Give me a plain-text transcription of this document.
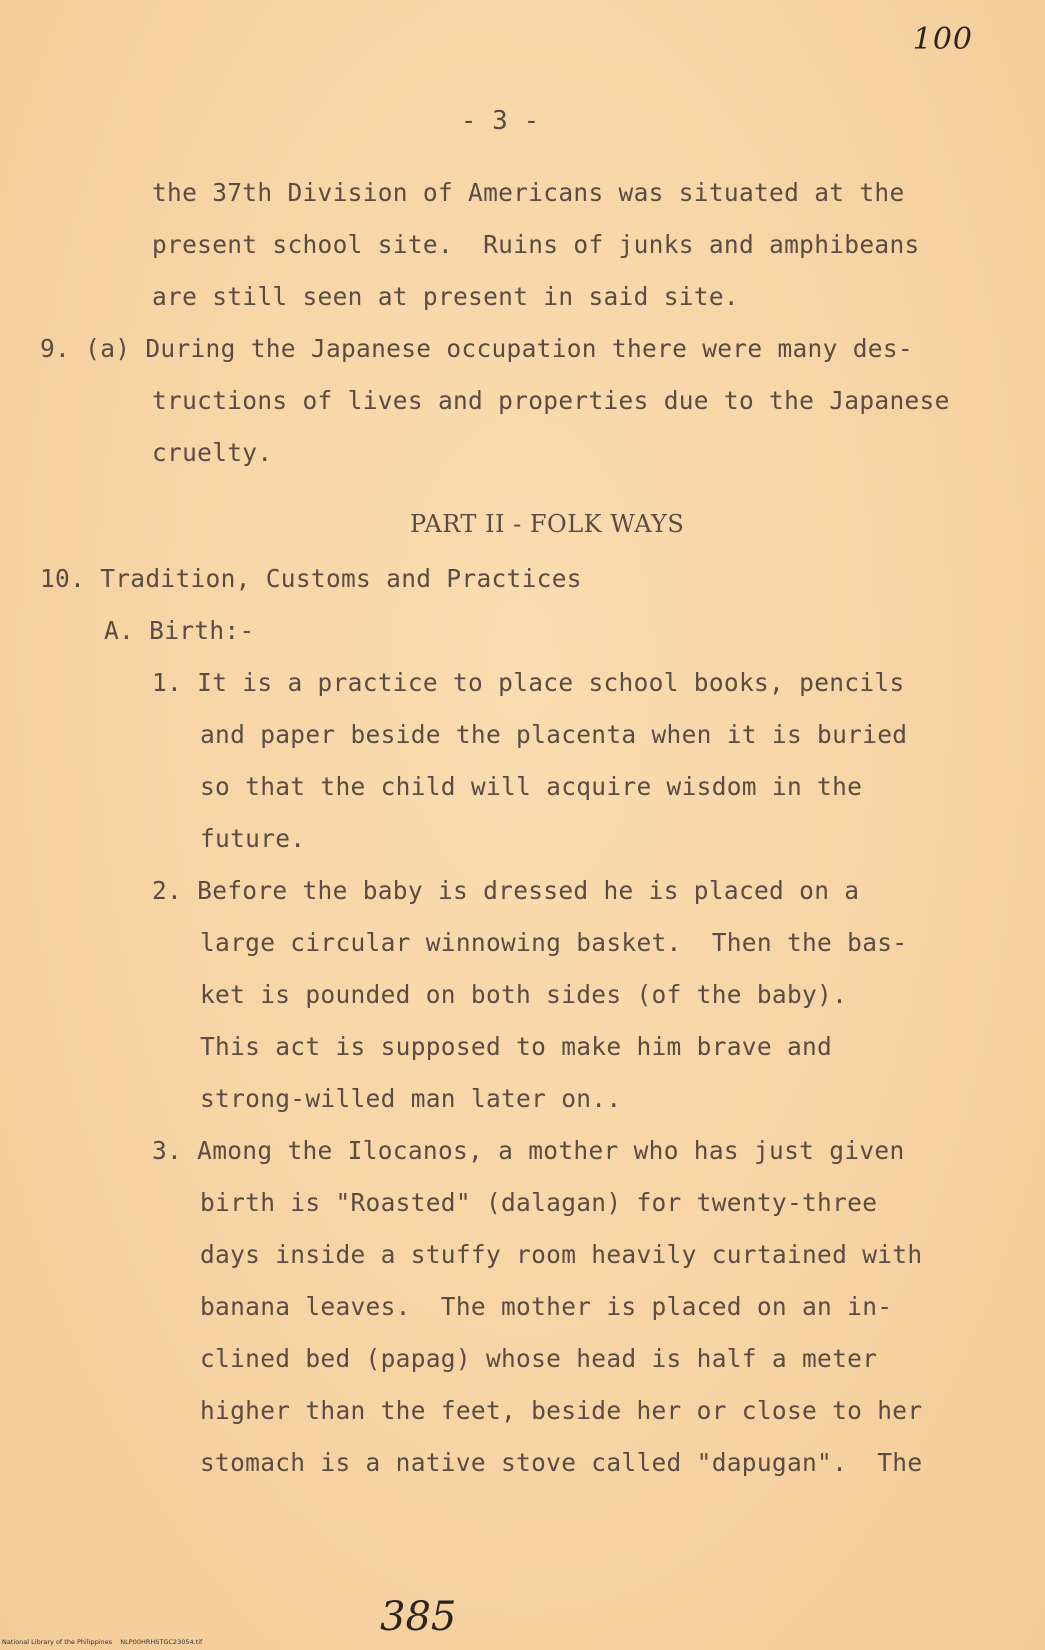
100
- 3 -
the 37th Division of Americans was situated at the
present school site.  Ruins of junks and amphibeans
are still seen at present in said site.
9. (a) During the Japanese occupation there were many des-
tructions of lives and properties due to the Japanese
cruelty.
PART II - FOLK WAYS
10. Tradition, Customs and Practices
A. Birth:-
1. It is a practice to place school books, pencils
and paper beside the placenta when it is buried
so that the child will acquire wisdom in the
future.
2. Before the baby is dressed he is placed on a
large circular winnowing basket.  Then the bas-
ket is pounded on both sides (of the baby).
This act is supposed to make him brave and
strong-willed man later on..
3. Among the Ilocanos, a mother who has just given
birth is "Roasted" (dalagan) for twenty-three
days inside a stuffy room heavily curtained with
banana leaves.  The mother is placed on an in-
clined bed (papag) whose head is half a meter
higher than the feet, beside her or close to her
stomach is a native stove called "dapugan".  The
385
National Library of the Philippines    NLP00HRHSTGC23054.tif
